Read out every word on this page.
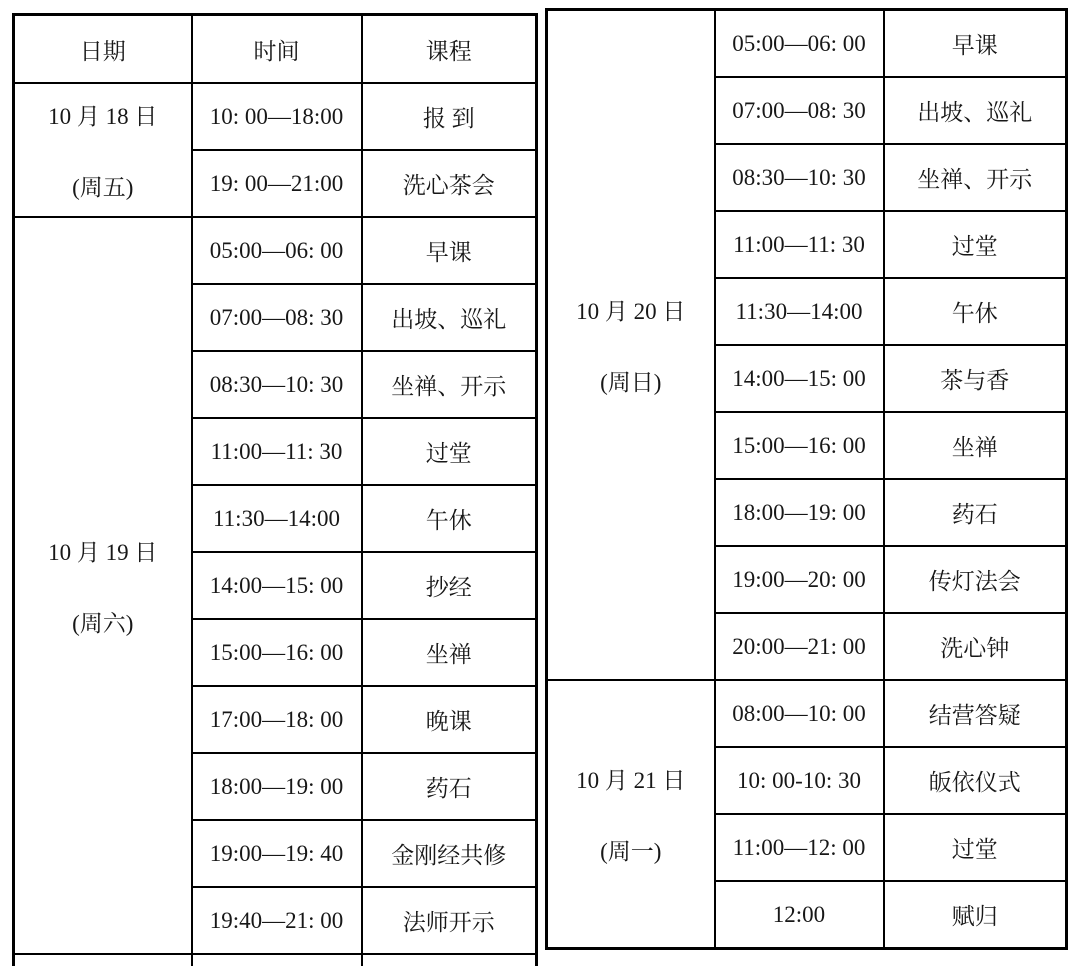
日期	时间	课程

10 月 18 日
(周五)	10: 00—18:00	报 到
	19: 00—21:00	洗心茶会

10 月 19 日
(周六)	05:00—06: 00	早课
	07:00—08: 30	出坡、巡礼
	08:30—10: 30	坐禅、开示
	11:00—11: 30	过堂
	11:30—14:00	午休
	14:00—15: 00	抄经
	15:00—16: 00	坐禅
	17:00—18: 00	晚课
	18:00—19: 00	药石
	19:00—19: 40	金刚经共修
	19:40—21: 00	法师开示

10 月 20 日
(周日)	05:00—06: 00	早课
	07:00—08: 30	出坡、巡礼
	08:30—10: 30	坐禅、开示
	11:00—11: 30	过堂
	11:30—14:00	午休
	14:00—15: 00	茶与香
	15:00—16: 00	坐禅
	18:00—19: 00	药石
	19:00—20: 00	传灯法会
	20:00—21: 00	洗心钟

10 月 21 日
(周一)	08:00—10: 00	结营答疑
	10: 00-10: 30	皈依仪式
	11:00—12: 00	过堂
	12:00	赋归
